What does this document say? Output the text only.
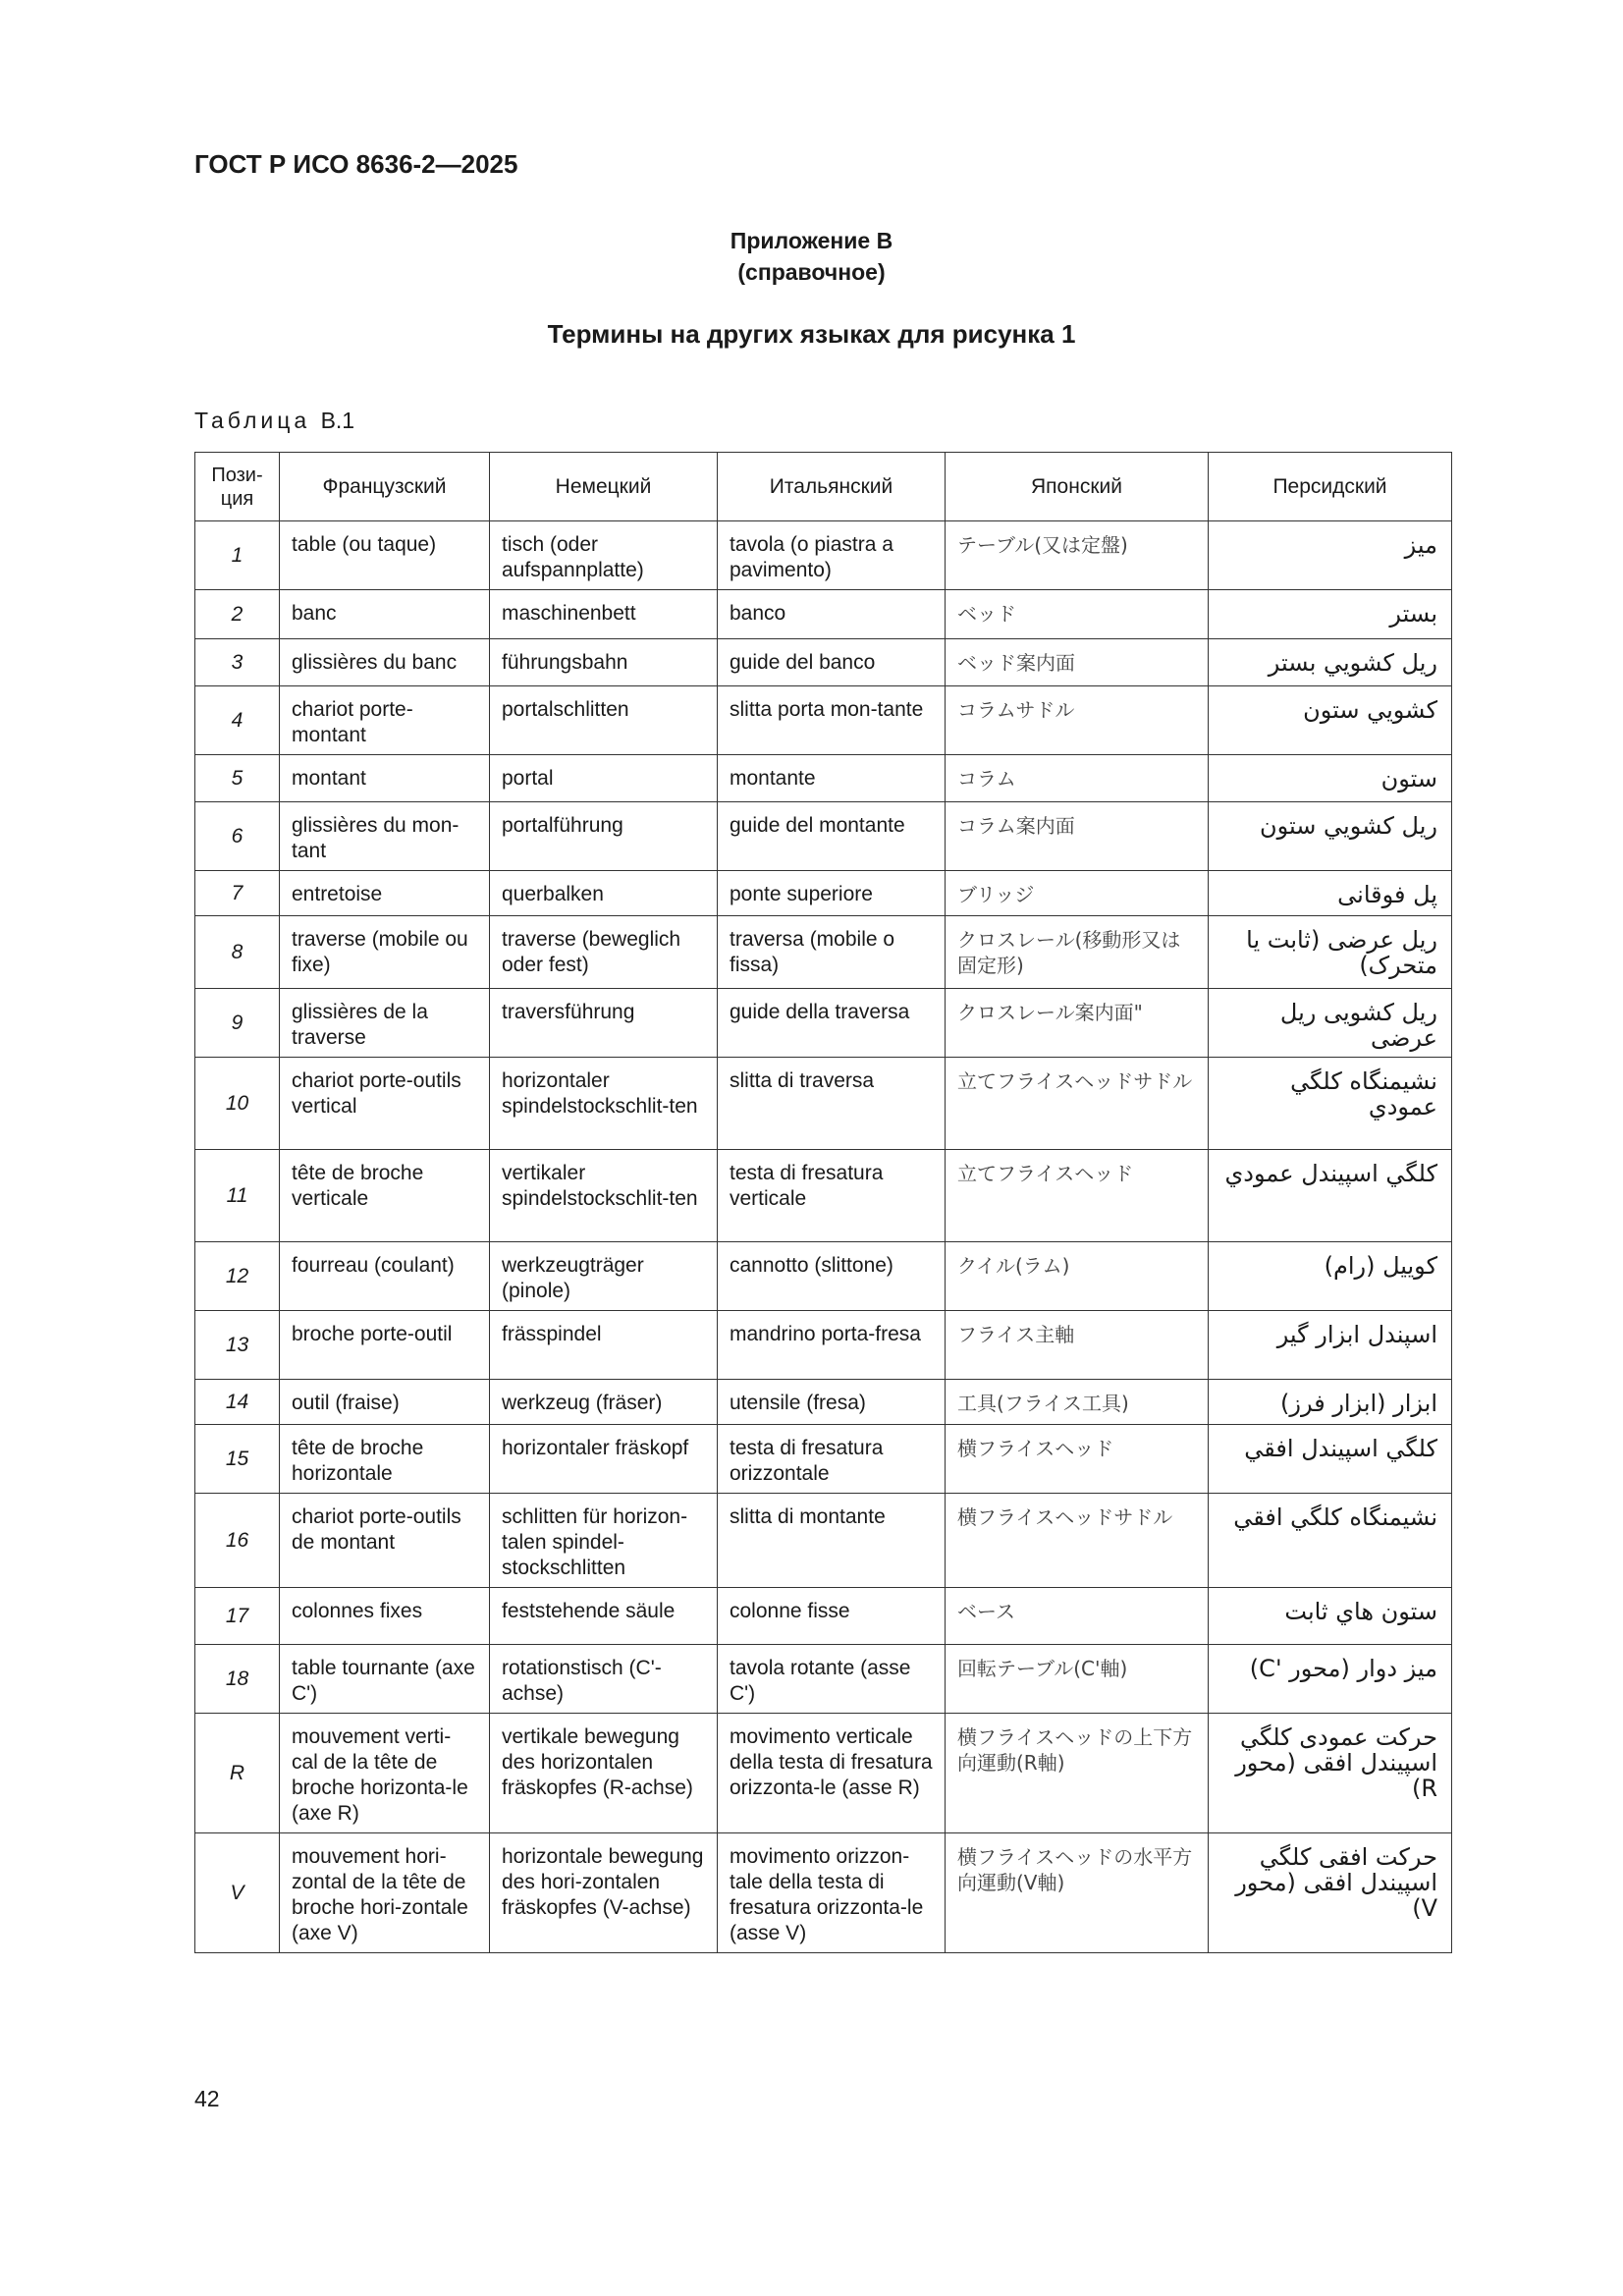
ГОСТ Р ИСО 8636-2—2025
Приложение В
(справочное)
Термины на других языках для рисунка 1
Таблица В.1
Пози-ция	Французский	Немецкий	Итальянский	Японский	Персидский
1	table (ou taque)	tisch (oder aufspannplatte)	tavola (o piastra a pavimento)	テーブル(又は定盤)	ميز
2	banc	maschinenbett	banco	ベッド	بستر
3	glissières du banc	führungsbahn	guide del banco	ベッド案内面	ريل كشويي بستر
4	chariot porte-montant	portalschlitten	slitta porta mon-tante	コラムサドル	كشويي ستون
5	montant	portal	montante	コラム	ستون
6	glissières du mon-tant	portalführung	guide del montante	コラム案内面	ريل كشويي ستون
7	entretoise	querbalken	ponte superiore	ブリッジ	پل فوقانی
8	traverse (mobile ou fixe)	traverse (beweglich oder fest)	traversa (mobile o fissa)	クロスレール(移動形又は固定形)	ریل عرضی (ثابت یا متحرک)
9	glissières de la traverse	traversführung	guide della traversa	クロスレール案内面"	ريل كشويی ريل عرضی
10	chariot porte-outils vertical	horizontaler spindelstockschlit-ten	slitta di traversa	立てフライスヘッドサドル	نشيمنگاه كلگي عمودي
11	tête de broche verticale	vertikaler spindelstockschlit-ten	testa di fresatura verticale	立てフライスヘッド	كلگي اسپيندل عمودي
12	fourreau (coulant)	werkzeugträger (pinole)	cannotto (slittone)	クイル(ラム)	كوييل (رام)
13	broche porte-outil	frässpindel	mandrino porta-fresa	フライス主軸	اسپندل ابزار گیر
14	outil (fraise)	werkzeug (fräser)	utensile (fresa)	工具(フライス工具)	ابزار (ابزار فرز)
15	tête de broche horizontale	horizontaler fräskopf	testa di fresatura orizzontale	横フライスヘッド	كلگي اسپيندل افقي
16	chariot porte-outils de montant	schlitten für horizon-talen spindel-stockschlitten	slitta di montante	横フライスヘッドサドル	نشيمنگاه كلگي افقي
17	colonnes fixes	feststehende säule	colonne fisse	ベース	ستون هاي ثابت
18	table tournante (axe C')	rotationstisch (C'-achse)	tavola rotante (asse C')	回転テーブル(C'軸)	ميز دوار (محور 'C)
R	mouvement verti-cal de la tête de broche horizonta-le (axe R)	vertikale bewegung des horizontalen fräskopfes (R-achse)	movimento verticale della testa di fresatura orizzonta-le (asse R)	横フライスヘッドの上下方向運動(R軸)	حرکت عمودی كلگي اسپيندل افقی (محور R)
V	mouvement hori-zontal de la tête de broche hori-zontale (axe V)	horizontale bewegung des hori-zontalen fräskopfes (V-achse)	movimento orizzon-tale della testa di fresatura orizzonta-le (asse V)	横フライスヘッドの水平方向運動(V軸)	حرکت افقی كلگي اسپيندل افقی (محور V)
42
